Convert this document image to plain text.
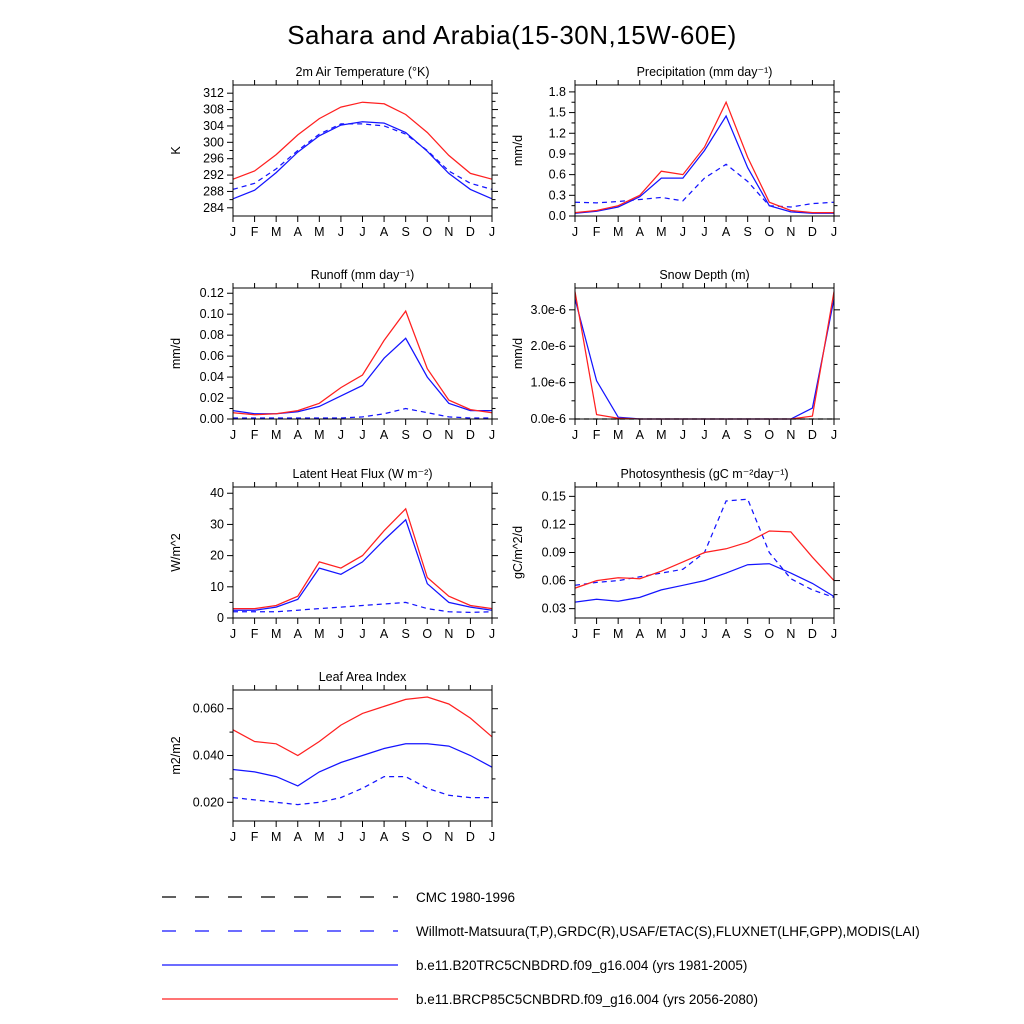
Sahara and Arabia(15-30N,15W-60E)
2m Air Temperature (°K)
K
284
288
292
296
300
304
308
312
J F M A M J J A S O N D J
Precipitation (mm day⁻¹)
mm/d
0.0
0.3
0.6
0.9
1.2
1.5
1.8
J F M A M J J A S O N D J
Runoff (mm day⁻¹)
mm/d
0.00
0.02
0.04
0.06
0.08
0.10
0.12
J F M A M J J A S O N D J
Snow Depth (m)
mm/d
0.0e-6
1.0e-6
2.0e-6
3.0e-6
J F M A M J J A S O N D J
Latent Heat Flux (W m⁻²)
W/m^2
0
10
20
30
40
J F M A M J J A S O N D J
Photosynthesis (gC m⁻²day⁻¹)
gC/m^2/d
0.03
0.06
0.09
0.12
0.15
J F M A M J J A S O N D J
Leaf Area Index
m2/m2
0.020
0.040
0.060
J F M A M J J A S O N D J
CMC 1980-1996
Willmott-Matsuura(T,P),GRDC(R),USAF/ETAC(S),FLUXNET(LHF,GPP),MODIS(LAI)
b.e11.B20TRC5CNBDRD.f09_g16.004 (yrs 1981-2005)
b.e11.BRCP85C5CNBDRD.f09_g16.004 (yrs 2056-2080)
